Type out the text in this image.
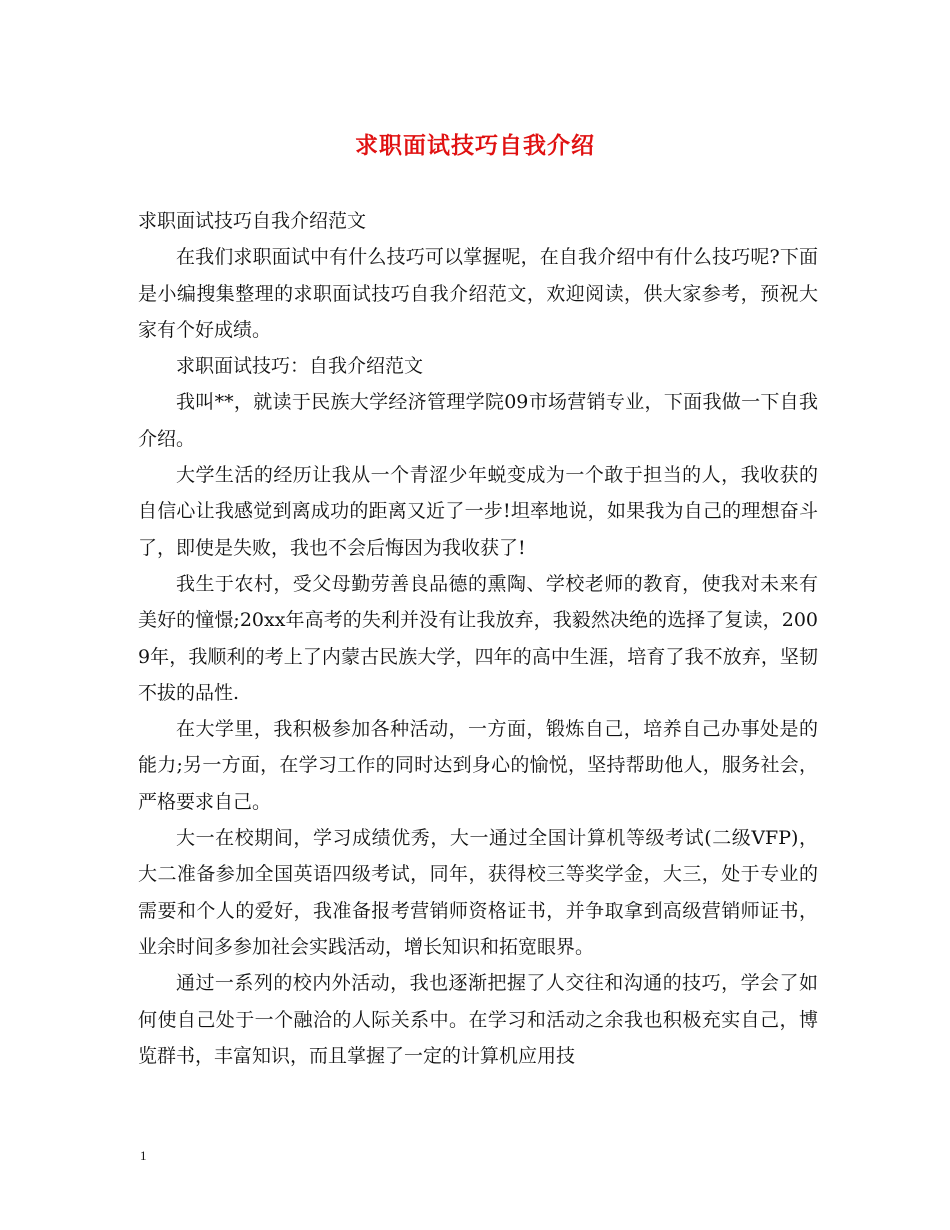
求职面试技巧自我介绍

求职面试技巧自我介绍范文

在我们求职面试中有什么技巧可以掌握呢，在自我介绍中有什么技巧呢?下面是小编搜集整理的求职面试技巧自我介绍范文，欢迎阅读，供大家参考，预祝大家有个好成绩。

求职面试技巧：自我介绍范文

我叫**，就读于民族大学经济管理学院09市场营销专业，下面我做一下自我介绍。

大学生活的经历让我从一个青涩少年蜕变成为一个敢于担当的人，我收获的自信心让我感觉到离成功的距离又近了一步!坦率地说，如果我为自己的理想奋斗了，即使是失败，我也不会后悔因为我收获了!

我生于农村，受父母勤劳善良品德的熏陶、学校老师的教育，使我对未来有美好的憧憬;20xx年高考的失利并没有让我放弃，我毅然决绝的选择了复读，2009年，我顺利的考上了内蒙古民族大学，四年的高中生涯，培育了我不放弃，坚韧不拔的品性.

在大学里，我积极参加各种活动，一方面，锻炼自己，培养自己办事处是的能力;另一方面，在学习工作的同时达到身心的愉悦，坚持帮助他人，服务社会，严格要求自己。

大一在校期间，学习成绩优秀，大一通过全国计算机等级考试(二级VFP)，大二准备参加全国英语四级考试，同年，获得校三等奖学金，大三，处于专业的需要和个人的爱好，我准备报考营销师资格证书，并争取拿到高级营销师证书，业余时间多参加社会实践活动，增长知识和拓宽眼界。

通过一系列的校内外活动，我也逐渐把握了人交往和沟通的技巧，学会了如何使自己处于一个融洽的人际关系中。在学习和活动之余我也积极充实自己，博览群书，丰富知识，而且掌握了一定的计算机应用技

1
